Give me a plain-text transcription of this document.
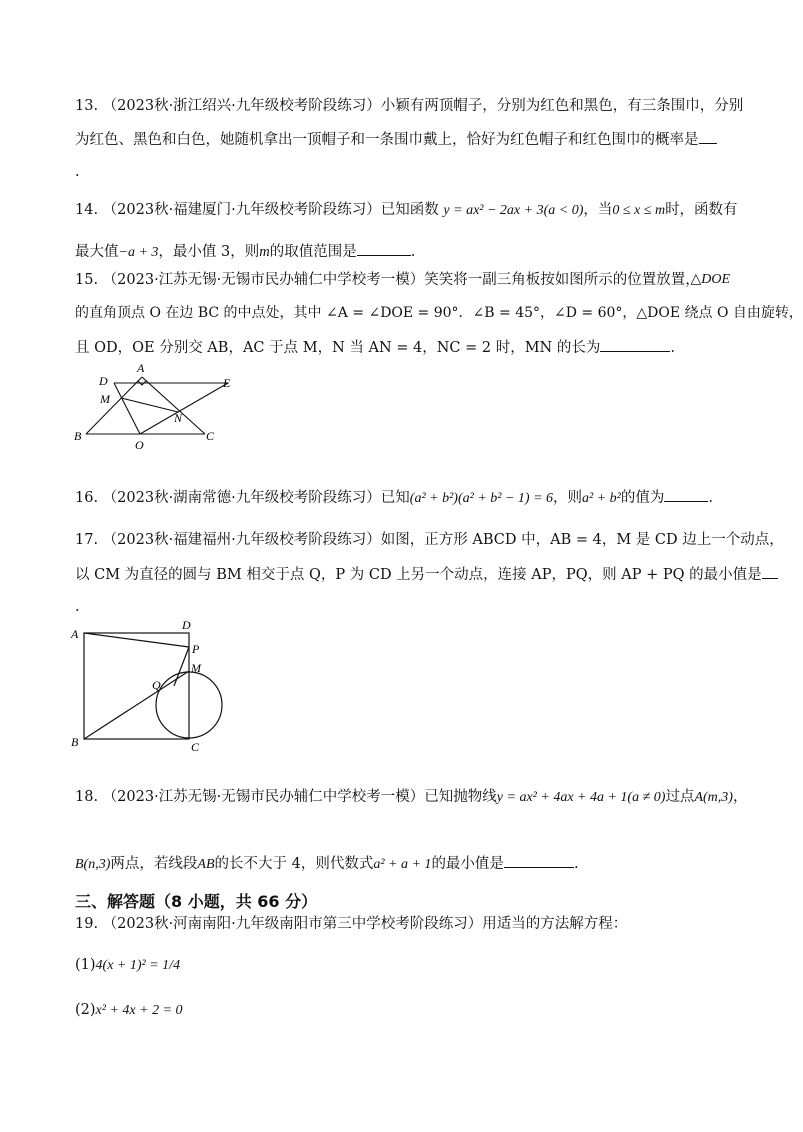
13. （2023秋·浙江绍兴·九年级校考阶段练习）小颖有两顶帽子，分别为红色和黑色，有三条围巾，分别
为红色、黑色和白色，她随机拿出一顶帽子和一条围巾戴上，恰好为红色帽子和红色围巾的概率是
.
14. （2023秋·福建厦门·九年级校考阶段练习）已知函数 y = ax² − 2ax + 3(a < 0)，当0 ≤ x ≤ m时，函数有
最大值−a + 3，最小值 3，则m的取值范围是	.
15. （2023·江苏无锡·无锡市民办辅仁中学校考一模）笑笑将一副三角板按如图所示的位置放置，
△DOE
的直角顶点 O 在边 BC 的中点处，其中 ∠A = ∠DOE = 90°．∠B = 45°，∠D = 60°，△DOE 绕点 O 自由旋转，
且 OD，OE 分别交 AB，AC 于点 M，N 当 AN = 4，NC = 2 时，MN 的长为	.
A
B	C
D	E
M
N
O
16. （2023秋·湖南常德·九年级校考阶段练习）已知(a² + b²)(a² + b² − 1) = 6，则a² + b²的值为	.
17. （2023秋·福建福州·九年级校考阶段练习）如图，正方形 ABCD 中，AB = 4，M 是 CD 边上一个动点，
以 CM 为直径的圆与 BM 相交于点 Q，P 为 CD 上另一个动点，连接 AP，PQ，则 AP + PQ 的最小值是
.
A
B	C
D
P
M
Q
18. （2023·江苏无锡·无锡市民办辅仁中学校考一模）已知抛物线y = ax² + 4ax + 4a + 1(a ≠ 0)过点A(m,3)，
B(n,3)两点，若线段AB的长不大于 4，则代数式a² + a + 1的最小值是	.
三、解答题（8 小题，共 66 分）
19. （2023秋·河南南阳·九年级南阳市第三中学校考阶段练习）用适当的方法解方程：
(1)4(x + 1)² = 1/4
(2)x² + 4x + 2 = 0
